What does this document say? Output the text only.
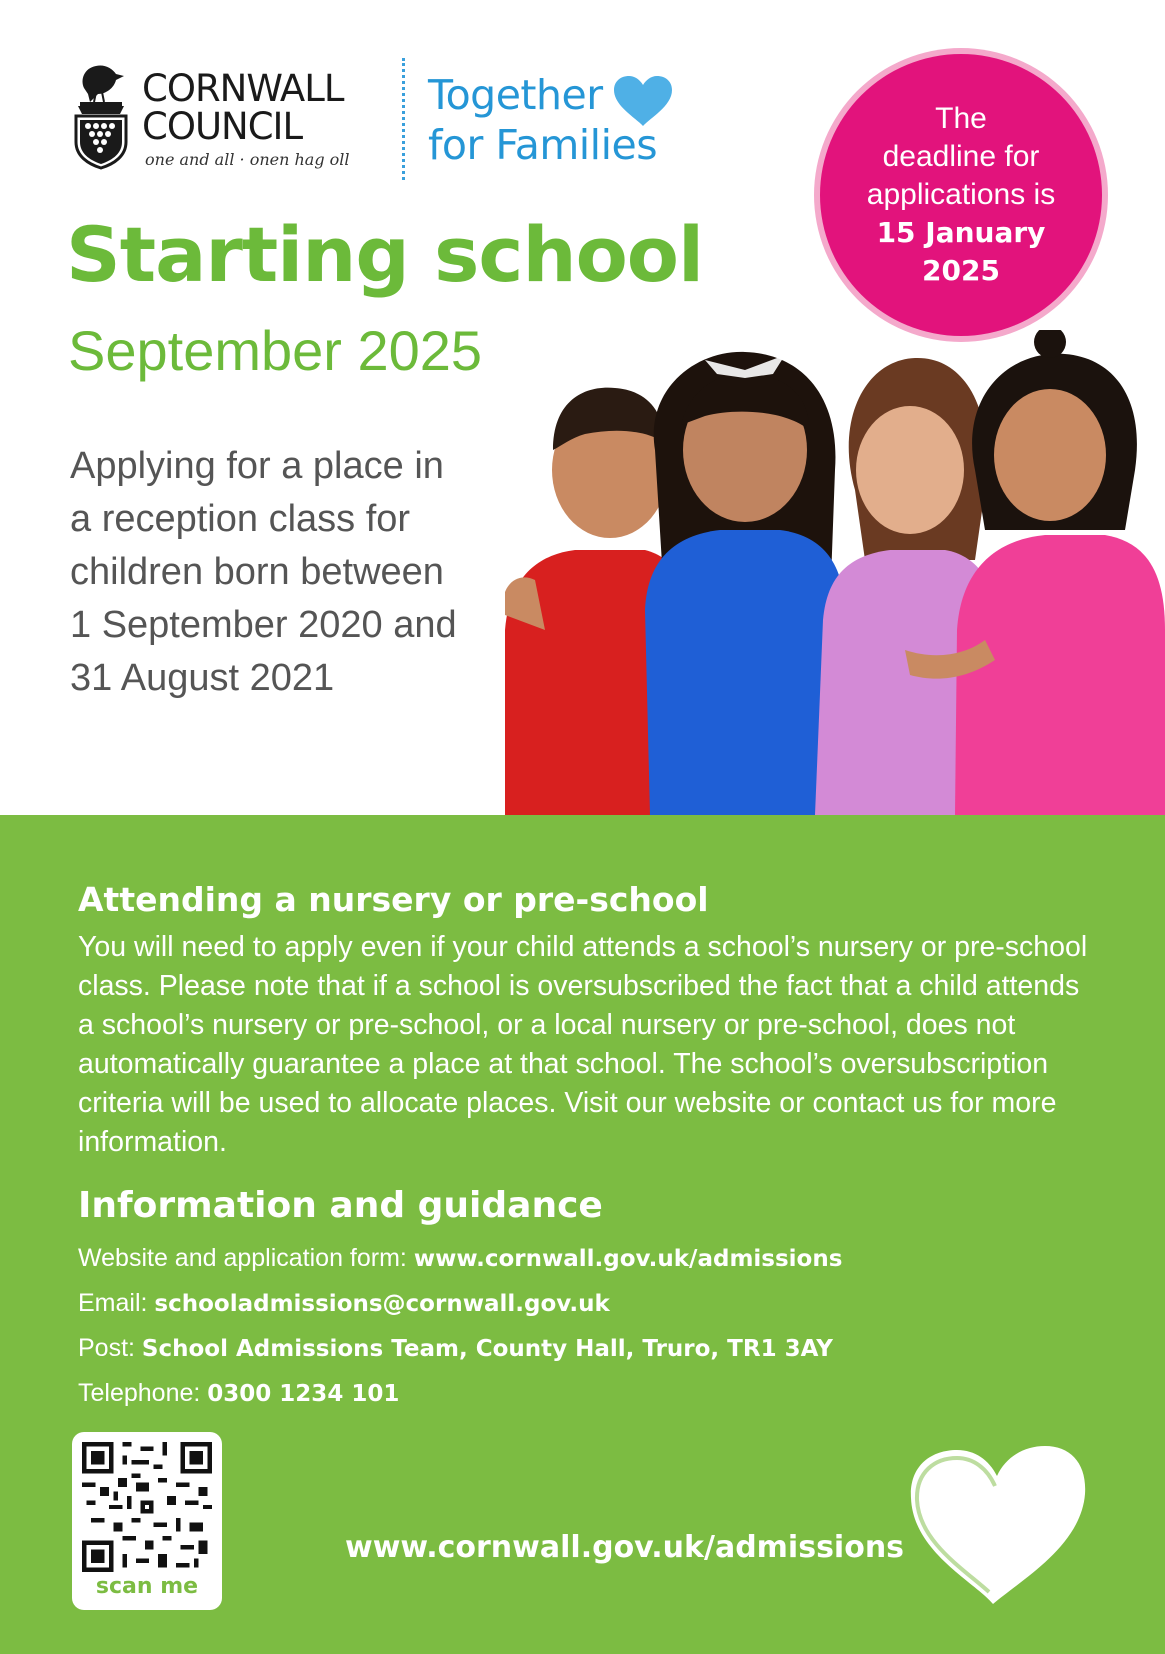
CORNWALL
COUNCIL
one and all · onen hag oll
Together
for Families
The
deadline for
applications is
15 January
2025
Starting school
September 2025
Applying for a place in
a reception class for
children born between
1 September 2020 and
31 August 2021
Attending a nursery or pre-school
You will need to apply even if your child attends a school’s nursery or pre-school class. Please note that if a school is oversubscribed the fact that a child attends a school’s nursery or pre-school, or a local nursery or pre-school, does not automatically guarantee a place at that school. The school’s oversubscription criteria will be used to allocate places. Visit our website or contact us for more information.
Information and guidance
Website and application form: www.cornwall.gov.uk/admissions
Email: schooladmissions@cornwall.gov.uk
Post: School Admissions Team, County Hall, Truro, TR1 3AY
Telephone: 0300 1234 101
scan me
www.cornwall.gov.uk/admissions
